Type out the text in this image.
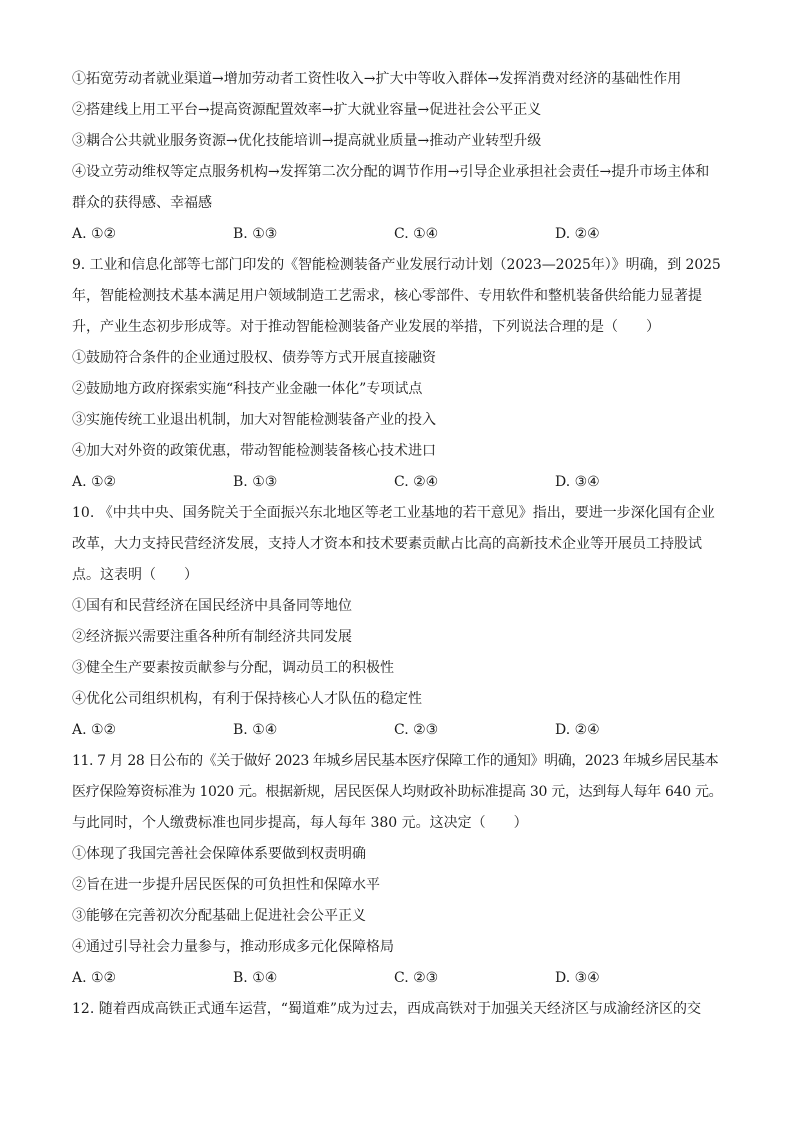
①拓宽劳动者就业渠道→增加劳动者工资性收入→扩大中等收入群体→发挥消费对经济的基础性作用
②搭建线上用工平台→提高资源配置效率→扩大就业容量→促进社会公平正义
③耦合公共就业服务资源→优化技能培训→提高就业质量→推动产业转型升级
④设立劳动维权等定点服务机构→发挥第二次分配的调节作用→引导企业承担社会责任→提升市场主体和
群众的获得感、幸福感
A. ①②	B. ①③	C. ①④	D. ②④
9. 工业和信息化部等七部门印发的《智能检测装备产业发展行动计划（2023—2025年）》明确，到 2025
年，智能检测技术基本满足用户领域制造工艺需求，核心零部件、专用软件和整机装备供给能力显著提
升，产业生态初步形成等。对于推动智能检测装备产业发展的举措，下列说法合理的是（　　）
①鼓励符合条件的企业通过股权、债券等方式开展直接融资
②鼓励地方政府探索实施“科技产业金融一体化”专项试点
③实施传统工业退出机制，加大对智能检测装备产业的投入
④加大对外资的政策优惠，带动智能检测装备核心技术进口
A. ①②	B. ①③	C. ②④	D. ③④
10. 《中共中央、国务院关于全面振兴东北地区等老工业基地的若干意见》指出，要进一步深化国有企业
改革，大力支持民营经济发展，支持人才资本和技术要素贡献占比高的高新技术企业等开展员工持股试
点。这表明（　　）
①国有和民营经济在国民经济中具备同等地位
②经济振兴需要注重各种所有制经济共同发展
③健全生产要素按贡献参与分配，调动员工的积极性
④优化公司组织机构，有利于保持核心人才队伍的稳定性
A. ①②	B. ①④	C. ②③	D. ②④
11. 7 月 28 日公布的《关于做好 2023 年城乡居民基本医疗保障工作的通知》明确，2023 年城乡居民基本
医疗保险筹资标准为 1020 元。根据新规，居民医保人均财政补助标准提高 30 元，达到每人每年 640 元。
与此同时，个人缴费标准也同步提高，每人每年 380 元。这决定（　　）
①体现了我国完善社会保障体系要做到权责明确
②旨在进一步提升居民医保的可负担性和保障水平
③能够在完善初次分配基础上促进社会公平正义
④通过引导社会力量参与，推动形成多元化保障格局
A. ①②	B. ①④	C. ②③	D. ③④
12. 随着西成高铁正式通车运营，“蜀道难”成为过去，西成高铁对于加强关天经济区与成渝经济区的交
